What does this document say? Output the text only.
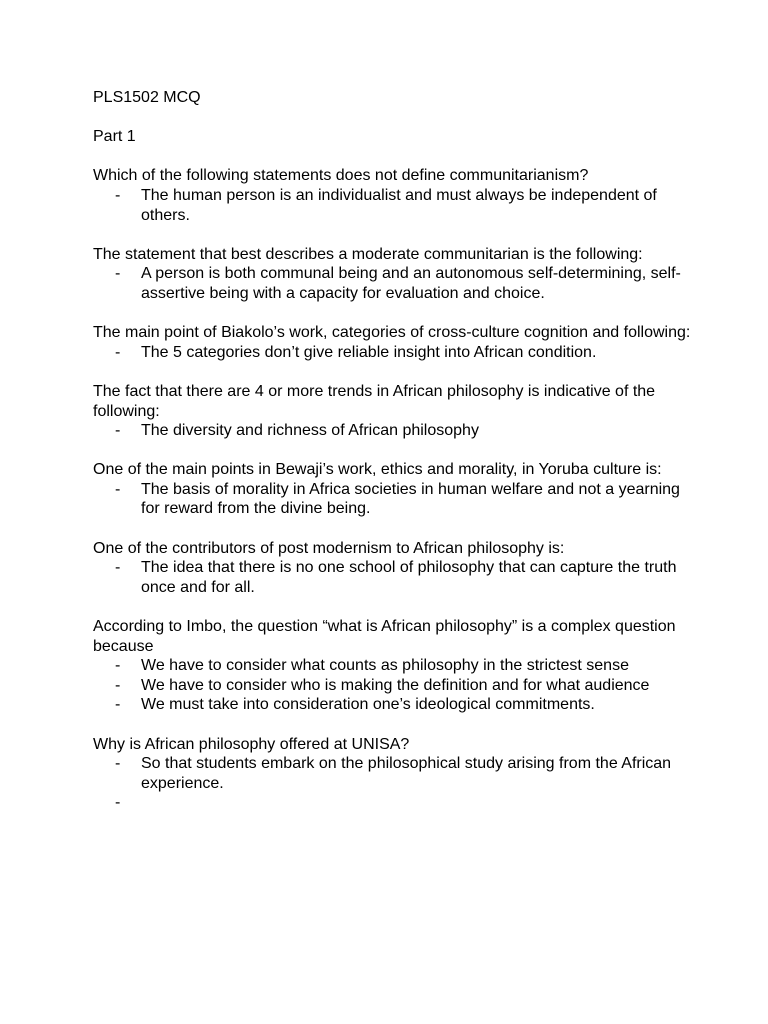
PLS1502 MCQ
Part 1
Which of the following statements does not define communitarianism?
- The human person is an individualist and must always be independent of others.
The statement that best describes a moderate communitarian is the following:
- A person is both communal being and an autonomous self-determining, self-assertive being with a capacity for evaluation and choice.
The main point of Biakolo’s work, categories of cross-culture cognition and following:
- The 5 categories don’t give reliable insight into African condition.
The fact that there are 4 or more trends in African philosophy is indicative of the following:
- The diversity and richness of African philosophy
One of the main points in Bewaji’s work, ethics and morality, in Yoruba culture is:
- The basis of morality in Africa societies in human welfare and not a yearning for reward from the divine being.
One of the contributors of post modernism to African philosophy is:
- The idea that there is no one school of philosophy that can capture the truth once and for all.
According to Imbo, the question “what is African philosophy” is a complex question because
- We have to consider what counts as philosophy in the strictest sense
- We have to consider who is making the definition and for what audience
- We must take into consideration one’s ideological commitments.
Why is African philosophy offered at UNISA?
- So that students embark on the philosophical study arising from the African experience.
-
